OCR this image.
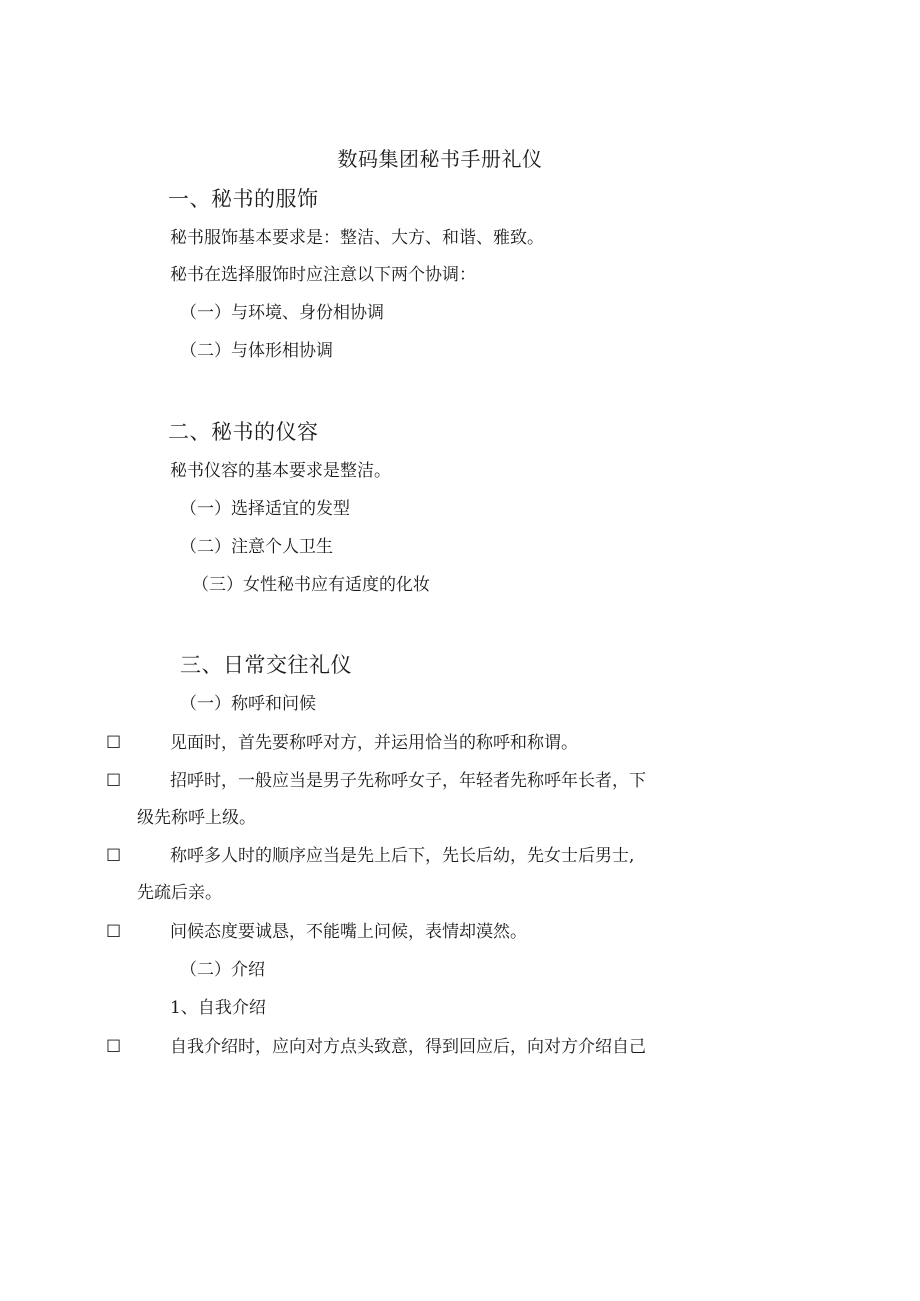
数码集团秘书手册礼仪
一、秘书的服饰
秘书服饰基本要求是：整洁、大方、和谐、雅致。
秘书在选择服饰时应注意以下两个协调：
（一）与环境、身份相协调
（二）与体形相协调
二、秘书的仪容
秘书仪容的基本要求是整洁。
（一）选择适宜的发型
（二）注意个人卫生
（三）女性秘书应有适度的化妆
三、日常交往礼仪
（一）称呼和问候
☐	见面时，首先要称呼对方，并运用恰当的称呼和称谓。
☐	招呼时，一般应当是男子先称呼女子，年轻者先称呼年长者，下
级先称呼上级。
☐	称呼多人时的顺序应当是先上后下，先长后幼，先女士后男士,
先疏后亲。
☐	问候态度要诚恳，不能嘴上问候，表情却漠然。
（二）介绍
1、自我介绍
☐	自我介绍时，应向对方点头致意，得到回应后，向对方介绍自己
